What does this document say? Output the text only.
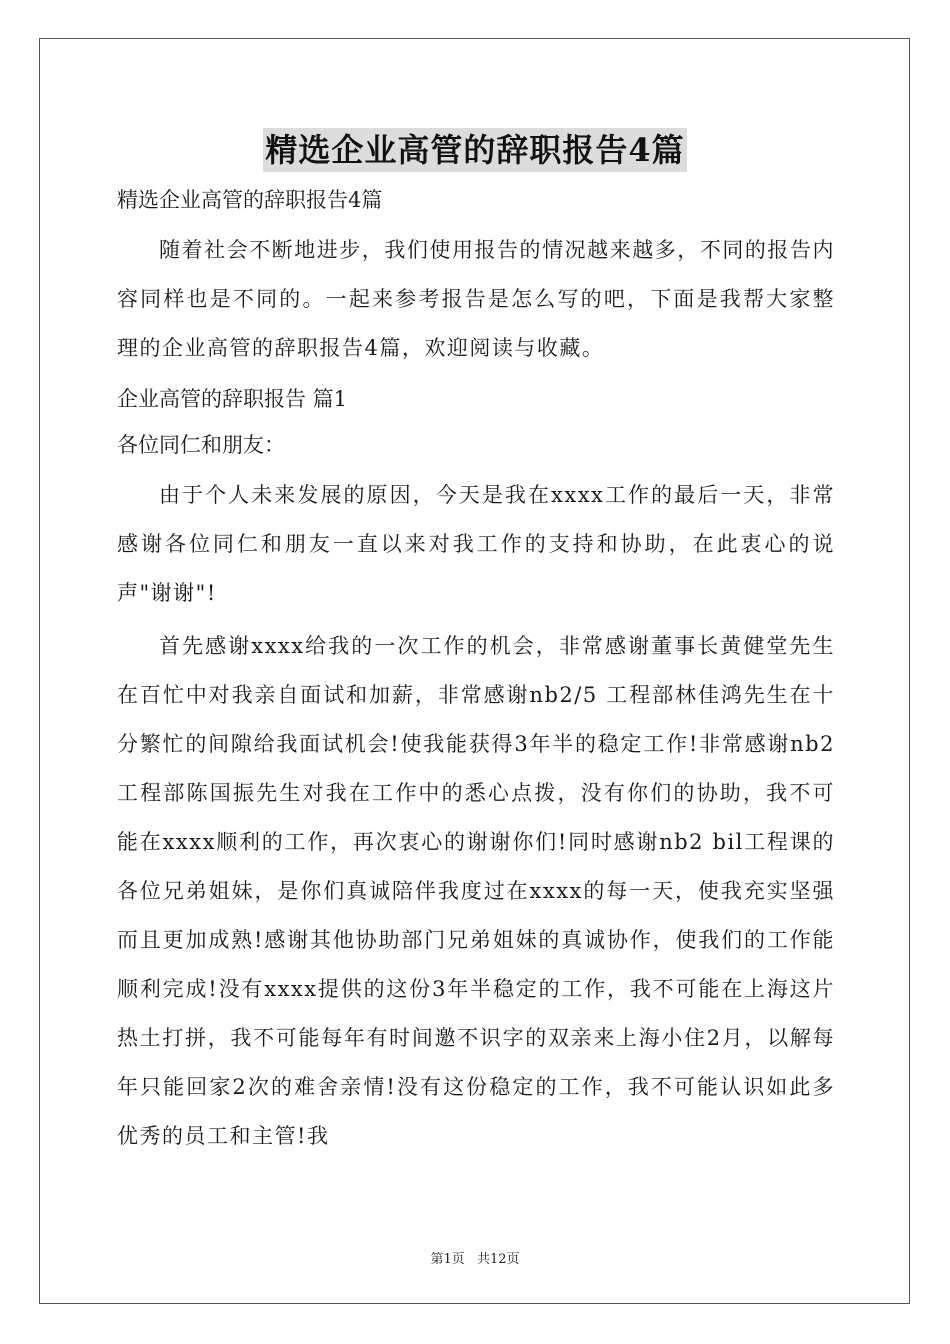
精选企业高管的辞职报告4篇

精选企业高管的辞职报告4篇

随着社会不断地进步，我们使用报告的情况越来越多，不同的报告内容同样也是不同的。一起来参考报告是怎么写的吧，下面是我帮大家整理的企业高管的辞职报告4篇，欢迎阅读与收藏。

企业高管的辞职报告 篇1

各位同仁和朋友：

由于个人未来发展的原因，今天是我在xxxx工作的最后一天，非常感谢各位同仁和朋友一直以来对我工作的支持和协助，在此衷心的说声"谢谢"!

首先感谢xxxx给我的一次工作的机会，非常感谢董事长黄健堂先生在百忙中对我亲自面试和加薪，非常感谢nb2/5 工程部林佳鸿先生在十分繁忙的间隙给我面试机会!使我能获得3年半的稳定工作!非常感谢nb2 工程部陈国振先生对我在工作中的悉心点拨，没有你们的协助，我不可能在xxxx顺利的工作，再次衷心的谢谢你们!同时感谢nb2 bil工程课的各位兄弟姐妹，是你们真诚陪伴我度过在xxxx的每一天，使我充实坚强而且更加成熟!感谢其他协助部门兄弟姐妹的真诚协作，使我们的工作能顺利完成!没有xxxx提供的这份3年半稳定的工作，我不可能在上海这片热土打拼，我不可能每年有时间邀不识字的双亲来上海小住2月，以解每年只能回家2次的难舍亲情!没有这份稳定的工作，我不可能认识如此多优秀的员工和主管!我

第1页 共12页
